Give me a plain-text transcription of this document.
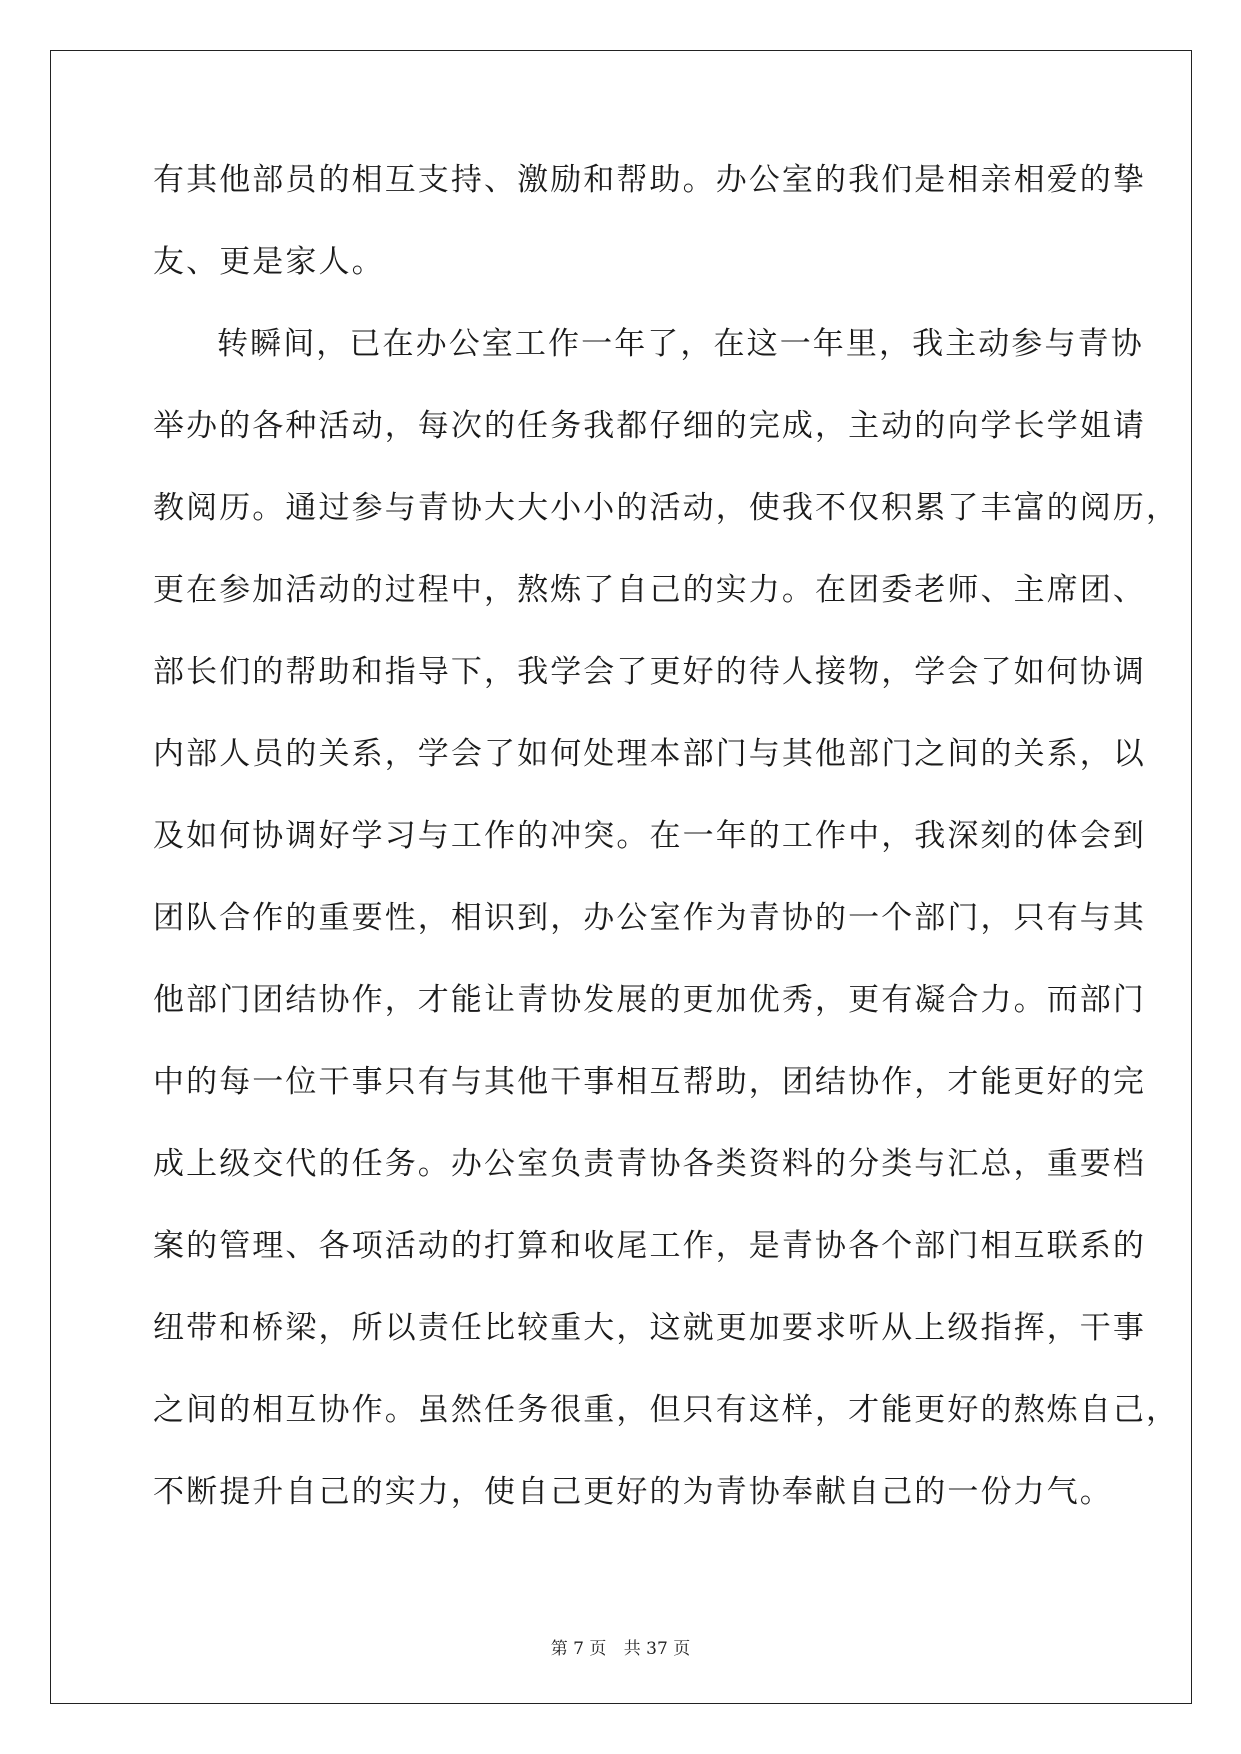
有其他部员的相互支持、激励和帮助。办公室的我们是相亲相爱的挚
友、更是家人。
转瞬间，已在办公室工作一年了，在这一年里，我主动参与青协
举办的各种活动，每次的任务我都仔细的完成，主动的向学长学姐请
教阅历。通过参与青协大大小小的活动，使我不仅积累了丰富的阅历，
更在参加活动的过程中，熬炼了自己的实力。在团委老师、主席团、
部长们的帮助和指导下，我学会了更好的待人接物，学会了如何协调
内部人员的关系，学会了如何处理本部门与其他部门之间的关系，以
及如何协调好学习与工作的冲突。在一年的工作中，我深刻的体会到
团队合作的重要性，相识到，办公室作为青协的一个部门，只有与其
他部门团结协作，才能让青协发展的更加优秀，更有凝合力。而部门
中的每一位干事只有与其他干事相互帮助，团结协作，才能更好的完
成上级交代的任务。办公室负责青协各类资料的分类与汇总，重要档
案的管理、各项活动的打算和收尾工作，是青协各个部门相互联系的
纽带和桥梁，所以责任比较重大，这就更加要求听从上级指挥，干事
之间的相互协作。虽然任务很重，但只有这样，才能更好的熬炼自己，
不断提升自己的实力，使自己更好的为青协奉献自己的一份力气。
第 7 页 共 37 页
